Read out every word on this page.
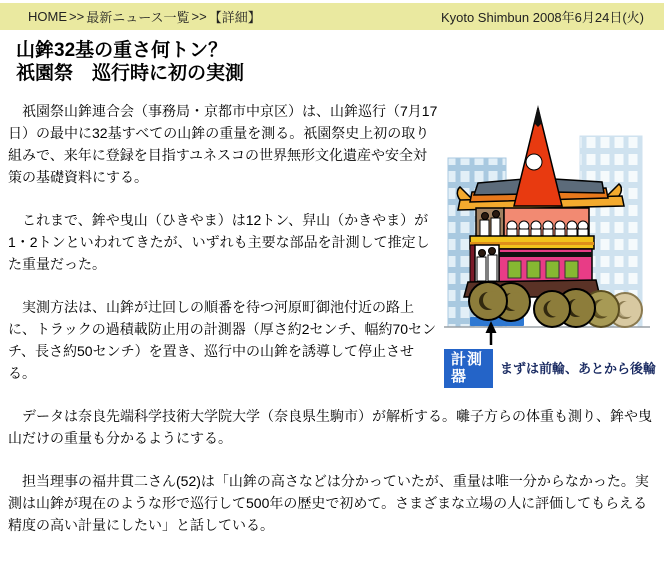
HOME >> 最新ニュース一覧 >> 【詳細】	Kyoto Shimbun 2008年6月24日(火)
山鉾32基の重さ何トン？
祇園祭　巡行時に初の実測
計測器	まずは前輪、あとから後輪

　祇園祭山鉾連合会（事務局・京都市中京区）は、山鉾巡行（7月17日）の最中に32基すべての山鉾の重量を測る。祇園祭史上初の取り組みで、来年に登録を目指すユネスコの世界無形文化遺産や安全対策の基礎資料にする。

　これまで、鉾や曳山（ひきやま）は12トン、舁山（かきやま）が1・2トンといわれてきたが、いずれも主要な部品を計測して推定した重量だった。

　実測方法は、山鉾が辻回しの順番を待つ河原町御池付近の路上に、トラックの過積載防止用の計測器（厚さ約2センチ、幅約70センチ、長さ約50センチ）を置き、巡行中の山鉾を誘導して停止させる。

　データは奈良先端科学技術大学院大学（奈良県生駒市）が解析する。囃子方らの体重も測り、鉾や曳山だけの重量も分かるようにする。

　担当理事の福井貫二さん(52)は「山鉾の高さなどは分かっていたが、重量は唯一分からなかった。実測は山鉾が現在のような形で巡行して500年の歴史で初めて。さまざまな立場の人に評価してもらえる精度の高い計量にしたい」と話している。
